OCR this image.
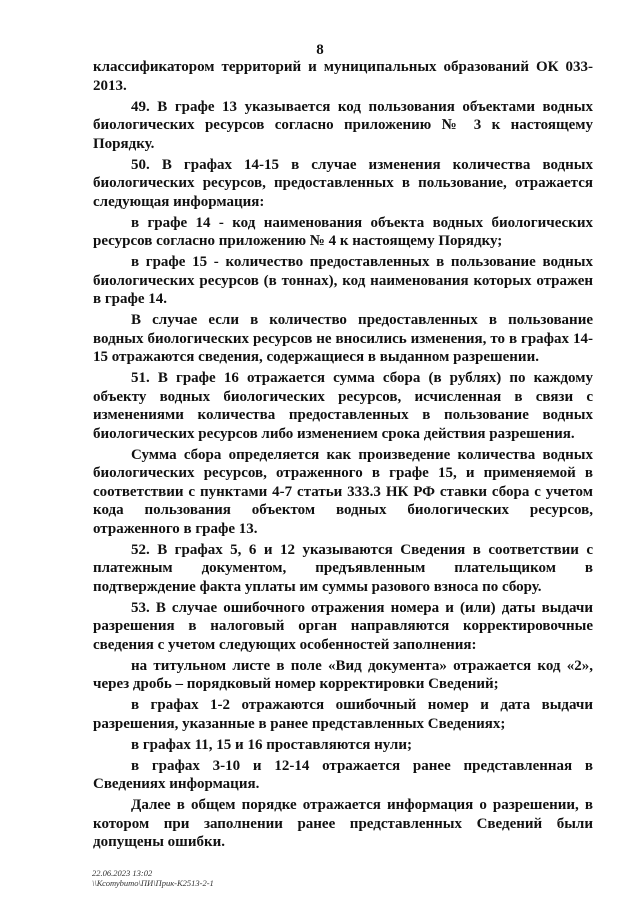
8

классификатором территорий и муниципальных образований ОК 033-2013.

49. В графе 13 указывается код пользования объектами водных биологических ресурсов согласно приложению № 3 к настоящему Порядку.

50. В графах 14-15 в случае изменения количества водных биологических ресурсов, предоставленных в пользование, отражается следующая информация:

в графе 14 - код наименования объекта водных биологических ресурсов согласно приложению № 4 к настоящему Порядку;

в графе 15 - количество предоставленных в пользование водных биологических ресурсов (в тоннах), код наименования которых отражен в графе 14.

В случае если в количество предоставленных в пользование водных биологических ресурсов не вносились изменения, то в графах 14-15 отражаются сведения, содержащиеся в выданном разрешении.

51. В графе 16 отражается сумма сбора (в рублях) по каждому объекту водных биологических ресурсов, исчисленная в связи с изменениями количества предоставленных в пользование водных биологических ресурсов либо изменением срока действия разрешения.

Сумма сбора определяется как произведение количества водных биологических ресурсов, отраженного в графе 15, и применяемой в соответствии с пунктами 4-7 статьи 333.3 НК РФ ставки сбора с учетом кода пользования объектом водных биологических ресурсов, отраженного в графе 13.

52. В графах 5, 6 и 12 указываются Сведения в соответствии с платежным документом, предъявленным плательщиком в подтверждение факта уплаты им суммы разового взноса по сбору.

53. В случае ошибочного отражения номера и (или) даты выдачи разрешения в налоговый орган направляются корректировочные сведения с учетом следующих особенностей заполнения:

на титульном листе в поле «Вид документа» отражается код «2», через дробь – порядковый номер корректировки Сведений;

в графах 1-2 отражаются ошибочный номер и дата выдачи разрешения, указанные в ранее представленных Сведениях;

в графах 11, 15 и 16 проставляются нули;

в графах 3-10 и 12-14 отражается ранее представленная в Сведениях информация.

Далее в общем порядке отражается информация о разрешении, в котором при заполнении ранее представленных Сведений были допущены ошибки.

22.06.2023 13:02
\\Ксотуbитo\ПИ\Прик-К2513-2-1
